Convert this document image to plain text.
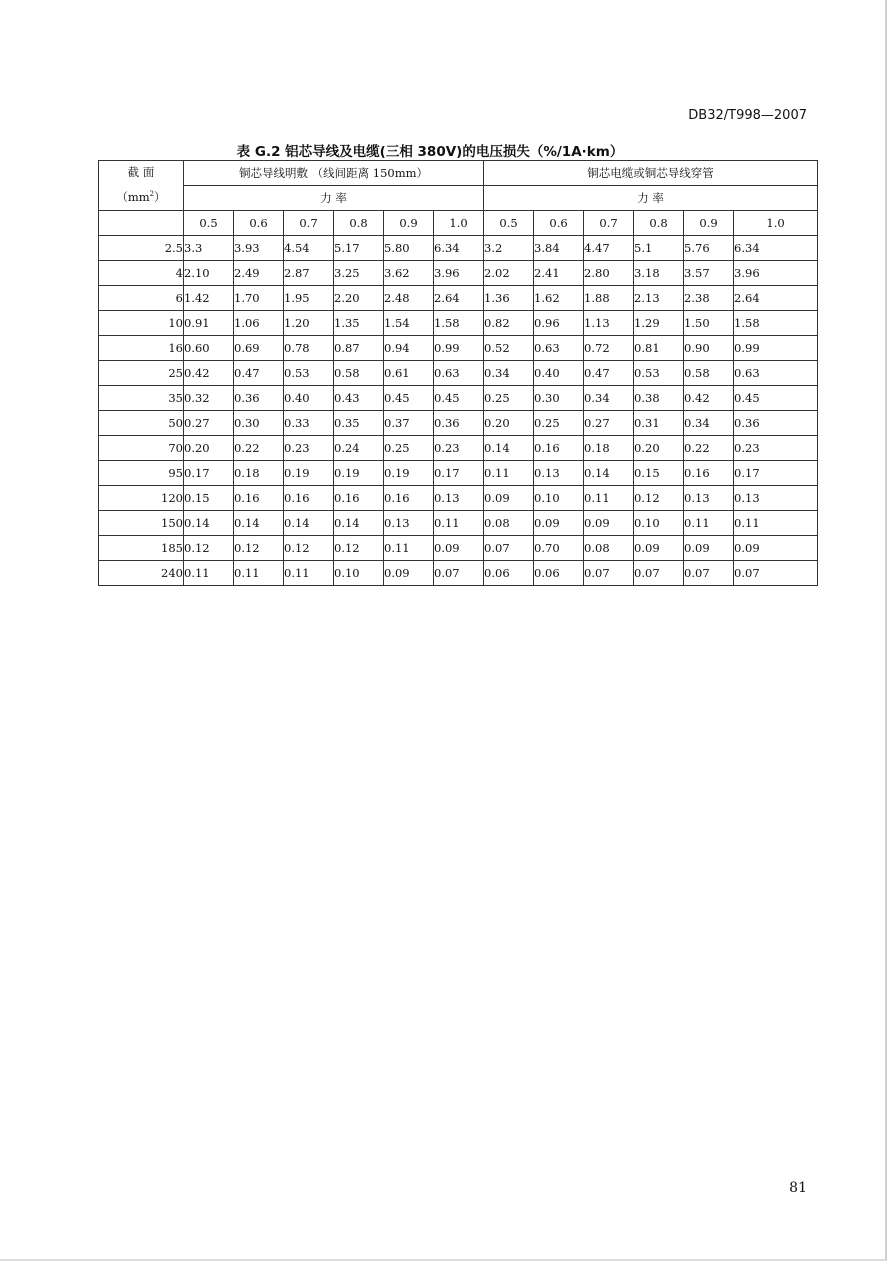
DB32/T998—2007
表 G.2 铝芯导线及电缆(三相 380V)的电压损失（%/1A·km）
截 面
$(mm^2)$	铜芯导线明敷 （线间距离 150mm）						铜芯电缆或铜芯导线穿管					
	力 率						力 率					
	0.5	0.6	0.7	0.8	0.9	1.0	0.5	0.6	0.7	0.8	0.9	1.0
2.5	3.3	3.93	4.54	5.17	5.80	6.34	3.2	3.84	4.47	5.1	5.76	6.34
4	2.10	2.49	2.87	3.25	3.62	3.96	2.02	2.41	2.80	3.18	3.57	3.96
6	1.42	1.70	1.95	2.20	2.48	2.64	1.36	1.62	1.88	2.13	2.38	2.64
10	0.91	1.06	1.20	1.35	1.54	1.58	0.82	0.96	1.13	1.29	1.50	1.58
16	0.60	0.69	0.78	0.87	0.94	0.99	0.52	0.63	0.72	0.81	0.90	0.99
25	0.42	0.47	0.53	0.58	0.61	0.63	0.34	0.40	0.47	0.53	0.58	0.63
35	0.32	0.36	0.40	0.43	0.45	0.45	0.25	0.30	0.34	0.38	0.42	0.45
50	0.27	0.30	0.33	0.35	0.37	0.36	0.20	0.25	0.27	0.31	0.34	0.36
70	0.20	0.22	0.23	0.24	0.25	0.23	0.14	0.16	0.18	0.20	0.22	0.23
95	0.17	0.18	0.19	0.19	0.19	0.17	0.11	0.13	0.14	0.15	0.16	0.17
120	0.15	0.16	0.16	0.16	0.16	0.13	0.09	0.10	0.11	0.12	0.13	0.13
150	0.14	0.14	0.14	0.14	0.13	0.11	0.08	0.09	0.09	0.10	0.11	0.11
185	0.12	0.12	0.12	0.12	0.11	0.09	0.07	0.70	0.08	0.09	0.09	0.09
240	0.11	0.11	0.11	0.10	0.09	0.07	0.06	0.06	0.07	0.07	0.07	0.07
81
